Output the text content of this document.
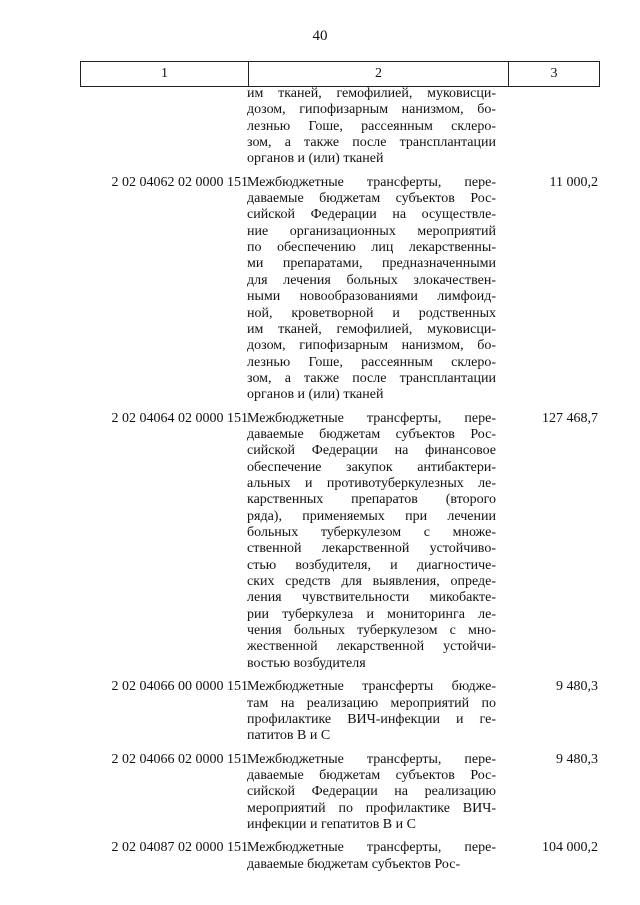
40
1	2	3
им тканей, гемофилией, муковисци-
дозом, гипофизарным нанизмом, бо-
лезнью Гоше, рассеянным склеро-
зом, а также после трансплантации
органов и (или) тканей
2 02 04062 02 0000 151 Межбюджетные трансферты, пере-
даваемые бюджетам субъектов Рос-
сийской Федерации на осуществле-
ние организационных мероприятий
по обеспечению лиц лекарственны-
ми препаратами, предназначенными
для лечения больных злокачествен-
ными новообразованиями лимфоид-
ной, кроветворной и родственных
им тканей, гемофилией, муковисци-
дозом, гипофизарным нанизмом, бо-
лезнью Гоше, рассеянным склеро-
зом, а также после трансплантации
органов и (или) тканей
11 000,2
2 02 04064 02 0000 151 Межбюджетные трансферты, пере-
даваемые бюджетам субъектов Рос-
сийской Федерации на финансовое
обеспечение закупок антибактери-
альных и противотуберкулезных ле-
карственных препаратов (второго
ряда), применяемых при лечении
больных туберкулезом с множе-
ственной лекарственной устойчиво-
стью возбудителя, и диагностиче-
ских средств для выявления, опреде-
ления чувствительности микобакте-
рии туберкулеза и мониторинга ле-
чения больных туберкулезом с мно-
жественной лекарственной устойчи-
востью возбудителя
127 468,7
2 02 04066 00 0000 151 Межбюджетные трансферты бюдже-
там на реализацию мероприятий по
профилактике ВИЧ-инфекции и ге-
патитов В и С
9 480,3
2 02 04066 02 0000 151 Межбюджетные трансферты, пере-
даваемые бюджетам субъектов Рос-
сийской Федерации на реализацию
мероприятий по профилактике ВИЧ-
инфекции и гепатитов В и С
9 480,3
2 02 04087 02 0000 151 Межбюджетные трансферты, пере-
даваемые бюджетам субъектов Рос-
104 000,2
